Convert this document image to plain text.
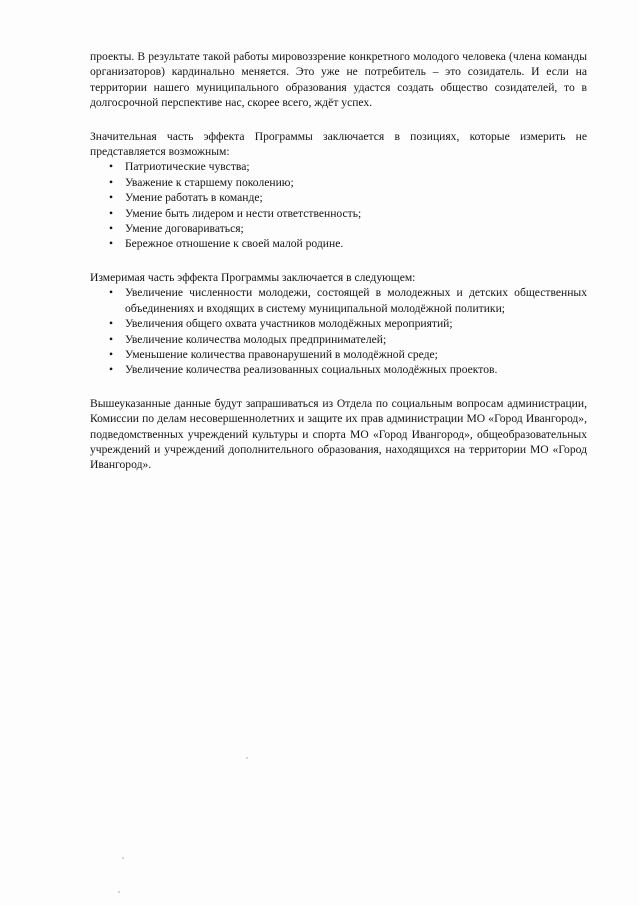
проекты. В результате такой работы мировоззрение конкретного молодого человека (члена команды организаторов) кардинально меняется. Это уже не потребитель – это созидатель. И если на территории нашего муниципального образования удастся создать общество созидателей, то в долгосрочной перспективе нас, скорее всего, ждёт успех.

Значительная часть эффекта Программы заключается в позициях, которые измерить не представляется возможным:

• Патриотические чувства;
• Уважение к старшему поколению;
• Умение работать в команде;
• Умение быть лидером и нести ответственность;
• Умение договариваться;
• Бережное отношение к своей малой родине.

Измеримая часть эффекта Программы заключается в следующем:

• Увеличение численности молодежи, состоящей в молодежных и детских общественных объединениях и входящих в систему муниципальной молодёжной политики;
• Увеличения общего охвата участников молодёжных мероприятий;
• Увеличение количества молодых предпринимателей;
• Уменьшение количества правонарушений в молодёжной среде;
• Увеличение количества реализованных социальных молодёжных проектов.

Вышеуказанные данные будут запрашиваться из Отдела по социальным вопросам администрации, Комиссии по делам несовершеннолетних и защите их прав администрации МО «Город Ивангород», подведомственных учреждений культуры и спорта МО «Город Ивангород», общеобразовательных учреждений и учреждений дополнительного образования, находящихся на территории МО «Город Ивангород».
